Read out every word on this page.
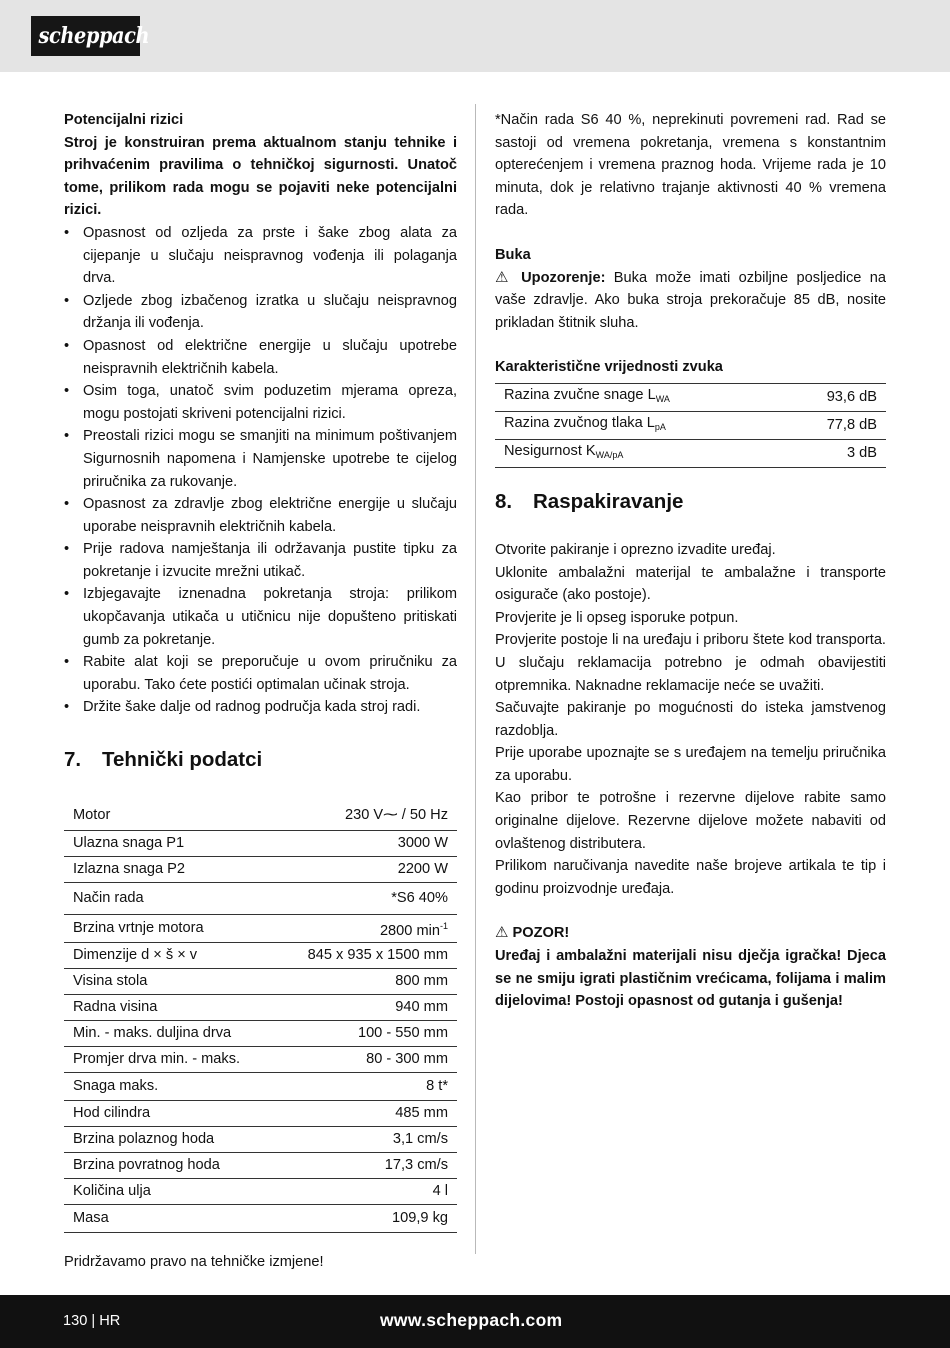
scheppach

Potencijalni rizici

Stroj je konstruiran prema aktualnom stanju tehnike i prihvaćenim pravilima o tehničkoj sigurnosti. Unatoč tome, prilikom rada mogu se pojaviti neke potencijalni rizici.

• Opasnost od ozljeda za prste i šake zbog alata za cijepanje u slučaju neispravnog vođenja ili polaganja drva.
• Ozljede zbog izbačenog izratka u slučaju neispravnog držanja ili vođenja.
• Opasnost od električne energije u slučaju upotrebe neispravnih električnih kabela.
• Osim toga, unatoč svim poduzetim mjerama opreza, mogu postojati skriveni potencijalni rizici.
• Preostali rizici mogu se smanjiti na minimum poštivanjem Sigurnosnih napomena i Namjenske upotrebe te cijelog priručnika za rukovanje.
• Opasnost za zdravlje zbog električne energije u slučaju uporabe neispravnih električnih kabela.
• Prije radova namještanja ili održavanja pustite tipku za pokretanje i izvucite mrežni utikač.
• Izbjegavajte iznenadna pokretanja stroja: prilikom ukopčavanja utikača u utičnicu nije dopušteno pritiskati gumb za pokretanje.
• Rabite alat koji se preporučuje u ovom priručniku za uporabu. Tako ćete postići optimalan učinak stroja.
• Držite šake dalje od radnog područja kada stroj radi.
7. Tehnički podatci
Motor	230 V⁓ / 50 Hz
Ulazna snaga P1	3000 W
Izlazna snaga P2	2200 W
Način rada	*S6 40%
Brzina vrtnje motora	2800 $\min^{-1}$
Dimenzije d × š × v	845 x 935 x 1500 mm
Visina stola	800 mm
Radna visina	940 mm
Min. - maks. duljina drva	100 - 550 mm
Promjer drva min. - maks.	80 - 300 mm
Snaga maks.	8 t*
Hod cilindra	485 mm
Brzina polaznog hoda	3,1 cm/s
Brzina povratnog hoda	17,3 cm/s
Količina ulja	4 l
Masa	109,9 kg

Pridržavamo pravo na tehničke izmjene!

*Način rada S6 40 %, neprekinuti povremeni rad. Rad se sastoji od vremena pokretanja, vremena s konstantnim opterećenjem i vremena praznog hoda. Vrijeme rada je 10 minuta, dok je relativno trajanje aktivnosti 40 % vremena rada.

Buka

⚠ Upozorenje: Buka može imati ozbiljne posljedice na vaše zdravlje. Ako buka stroja prekoračuje 85 dB, nosite prikladan štitnik sluha.

Karakteristične vrijednosti zvuka

Razina zvučne snage $L_{WA}$	93,6 dB
Razina zvučnog tlaka $L_{pA}$	77,8 dB
Nesigurnost $K_{WA/pA}$	3 dB
8. Raspakiravanje

Otvorite pakiranje i oprezno izvadite uređaj.

Uklonite ambalažni materijal te ambalažne i transporte osigurače (ako postoje).

Provjerite je li opseg isporuke potpun.

Provjerite postoje li na uređaju i priboru štete kod transporta. U slučaju reklamacija potrebno je odmah obavijestiti otpremnika. Naknadne reklamacije neće se uvažiti.

Sačuvajte pakiranje po mogućnosti do isteka jamstvenog razdoblja.

Prije uporabe upoznajte se s uređajem na temelju priručnika za uporabu.

Kao pribor te potrošne i rezervne dijelove rabite samo originalne dijelove. Rezervne dijelove možete nabaviti od ovlaštenog distributera.

Prilikom naručivanja navedite naše brojeve artikala te tip i godinu proizvodnje uređaja.

⚠ POZOR!

Uređaj i ambalažni materijali nisu dječja igračka! Djeca se ne smiju igrati plastičnim vrećicama, folijama i malim dijelovima! Postoji opasnost od gutanja i gušenja!

130 | HR	www.scheppach.com
